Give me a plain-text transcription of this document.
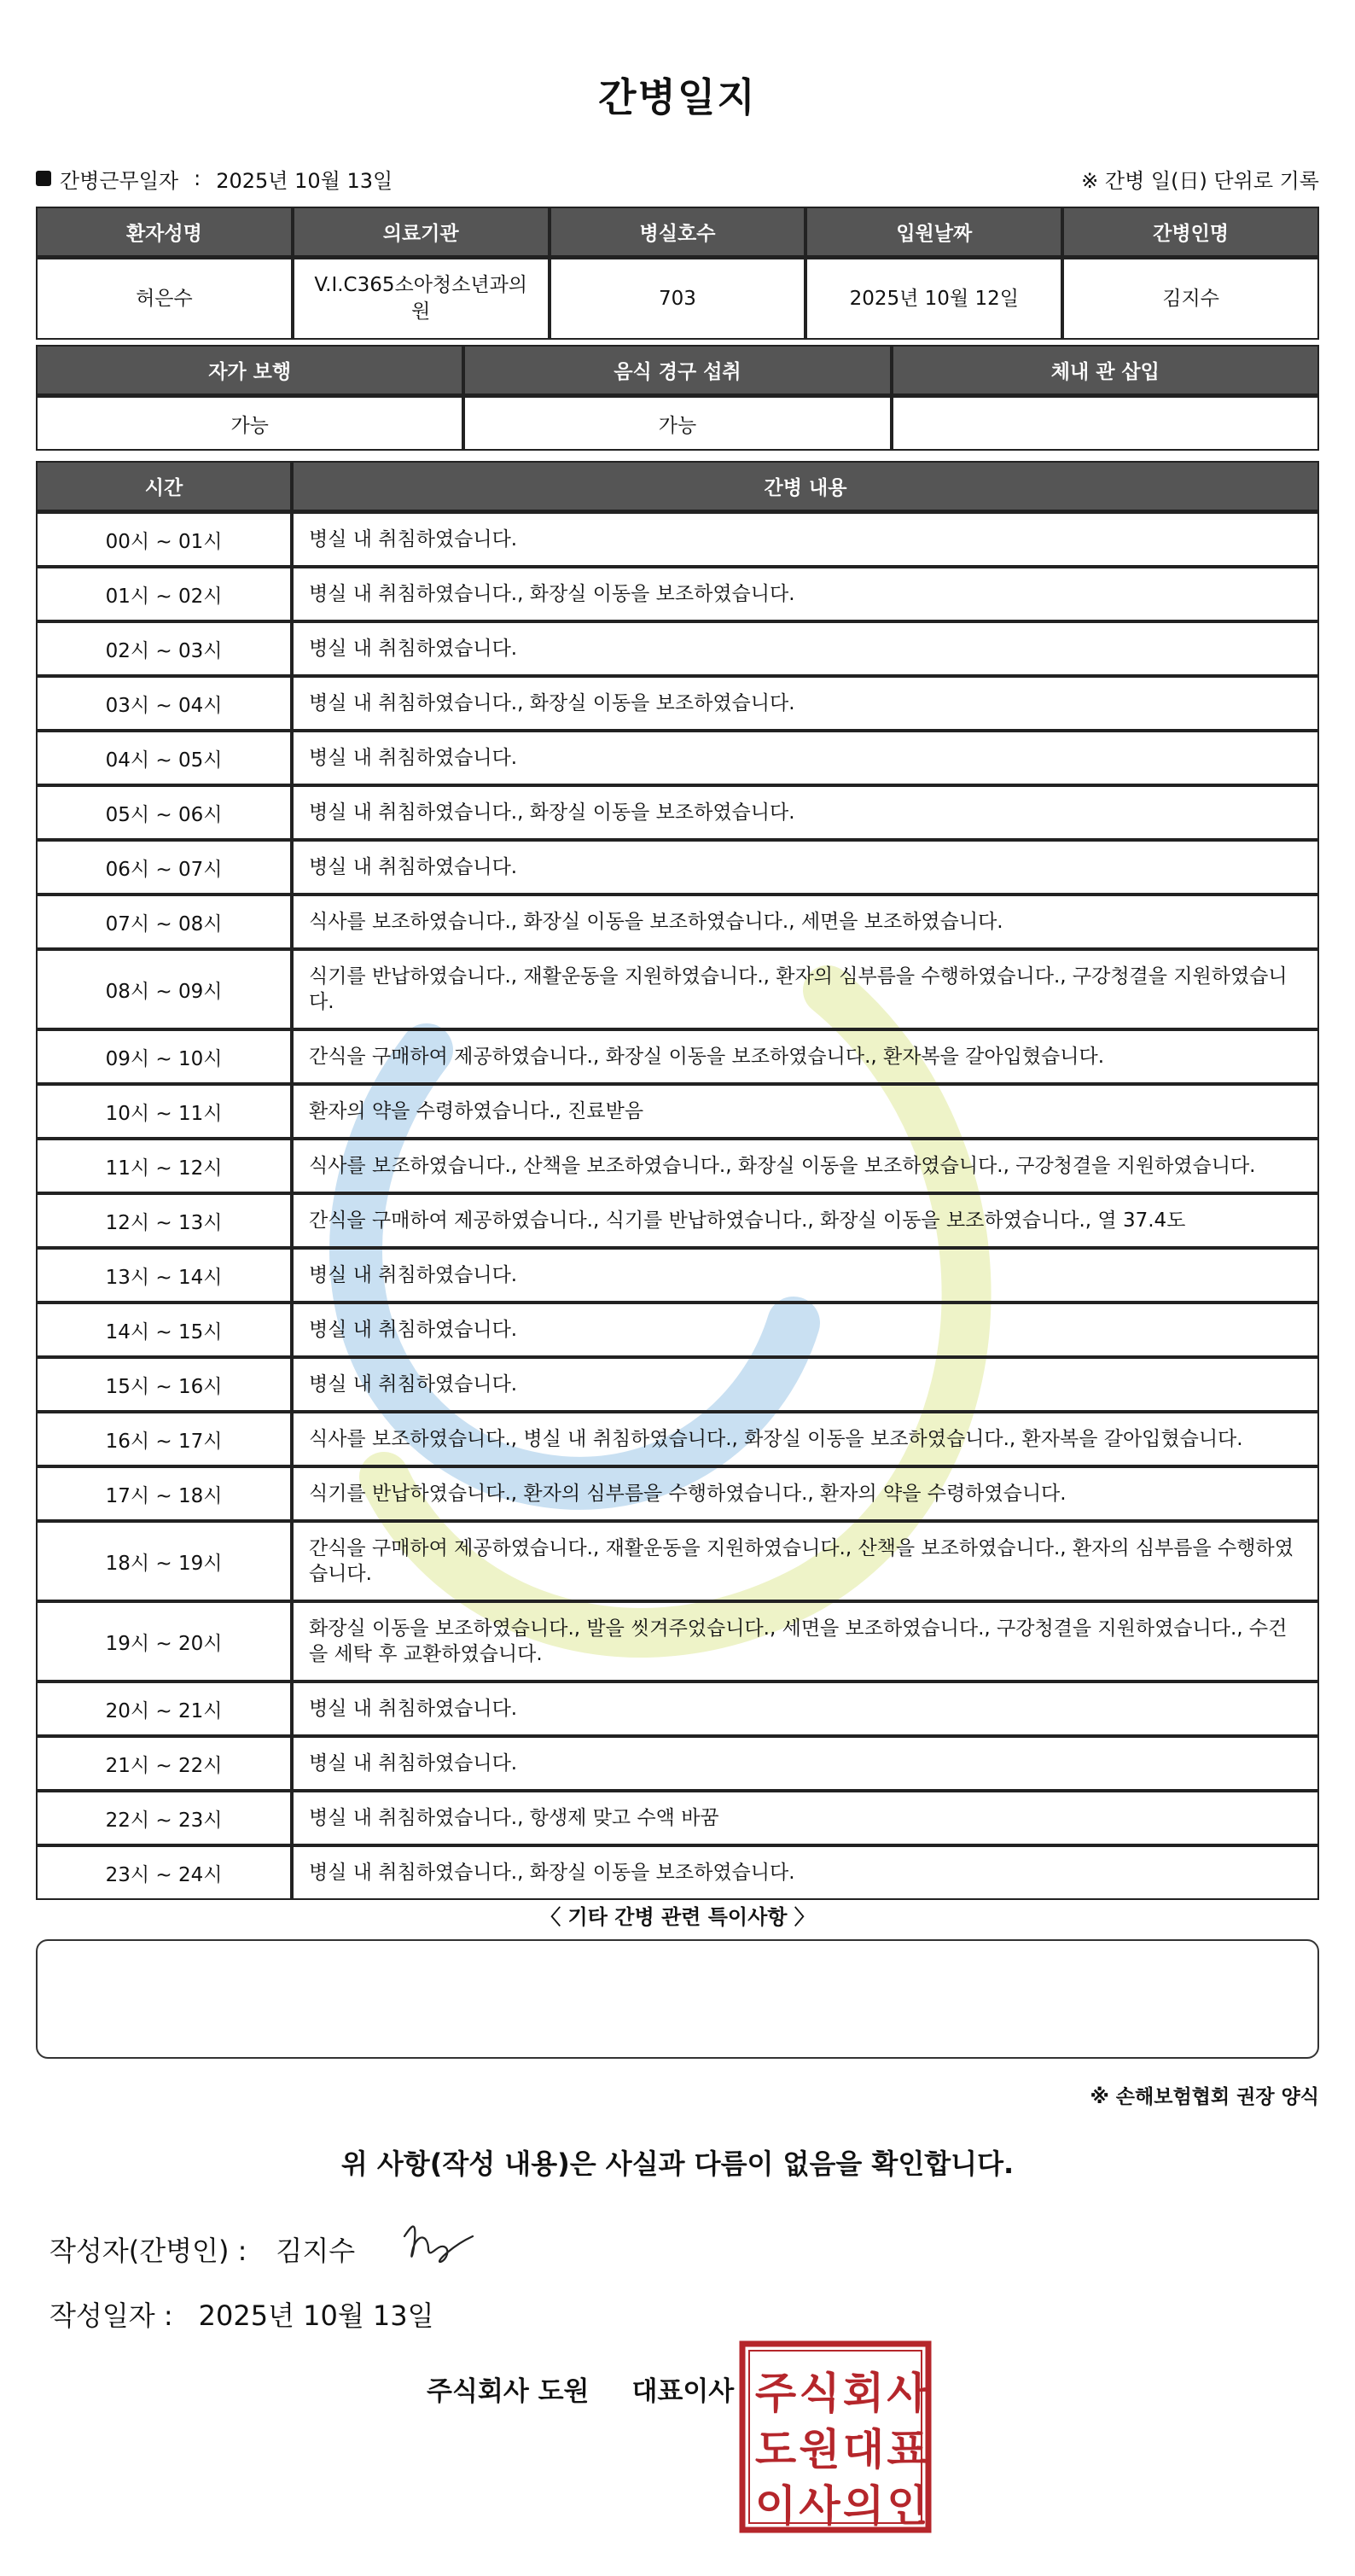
간병일지
간병근무일자 : 2025년 10월 13일	※ 간병 일(日) 단위로 기록
환자성명	의료기관	병실호수	입원날짜	간병인명
허은수	V.I.C365소아청소년과의원	703	2025년 10월 12일	김지수
자가 보행	음식 경구 섭취	체내 관 삽입
가능	가능	
시간	간병 내용
00시 ~ 01시	병실 내 취침하였습니다.
01시 ~ 02시	병실 내 취침하였습니다., 화장실 이동을 보조하였습니다.
02시 ~ 03시	병실 내 취침하였습니다.
03시 ~ 04시	병실 내 취침하였습니다., 화장실 이동을 보조하였습니다.
04시 ~ 05시	병실 내 취침하였습니다.
05시 ~ 06시	병실 내 취침하였습니다., 화장실 이동을 보조하였습니다.
06시 ~ 07시	병실 내 취침하였습니다.
07시 ~ 08시	식사를 보조하였습니다., 화장실 이동을 보조하였습니다., 세면을 보조하였습니다.
08시 ~ 09시	식기를 반납하였습니다., 재활운동을 지원하였습니다., 환자의 심부름을 수행하였습니다., 구강청결을 지원하였습니다.
09시 ~ 10시	간식을 구매하여 제공하였습니다., 화장실 이동을 보조하였습니다., 환자복을 갈아입혔습니다.
10시 ~ 11시	환자의 약을 수령하였습니다., 진료받음
11시 ~ 12시	식사를 보조하였습니다., 산책을 보조하였습니다., 화장실 이동을 보조하였습니다., 구강청결을 지원하였습니다.
12시 ~ 13시	간식을 구매하여 제공하였습니다., 식기를 반납하였습니다., 화장실 이동을 보조하였습니다., 열 37.4도
13시 ~ 14시	병실 내 취침하였습니다.
14시 ~ 15시	병실 내 취침하였습니다.
15시 ~ 16시	병실 내 취침하였습니다.
16시 ~ 17시	식사를 보조하였습니다., 병실 내 취침하였습니다., 화장실 이동을 보조하였습니다., 환자복을 갈아입혔습니다.
17시 ~ 18시	식기를 반납하였습니다., 환자의 심부름을 수행하였습니다., 환자의 약을 수령하였습니다.
18시 ~ 19시	간식을 구매하여 제공하였습니다., 재활운동을 지원하였습니다., 산책을 보조하였습니다., 환자의 심부름을 수행하였습니다.
19시 ~ 20시	화장실 이동을 보조하였습니다., 발을 씻겨주었습니다., 세면을 보조하였습니다., 구강청결을 지원하였습니다., 수건을 세탁 후 교환하였습니다.
20시 ~ 21시	병실 내 취침하였습니다.
21시 ~ 22시	병실 내 취침하였습니다.
22시 ~ 23시	병실 내 취침하였습니다., 항생제 맞고 수액 바꿈
23시 ~ 24시	병실 내 취침하였습니다., 화장실 이동을 보조하였습니다.
〈 기타 간병 관련 특이사항 〉
※ 손해보험협회 권장 양식
위 사항(작성 내용)은 사실과 다름이 없음을 확인합니다.
작성자(간병인) : 김지수
작성일자 : 2025년 10월 13일
주식회사 도원 대표이사 주 식 회 사
도 원 대 표
이 사 의 인
